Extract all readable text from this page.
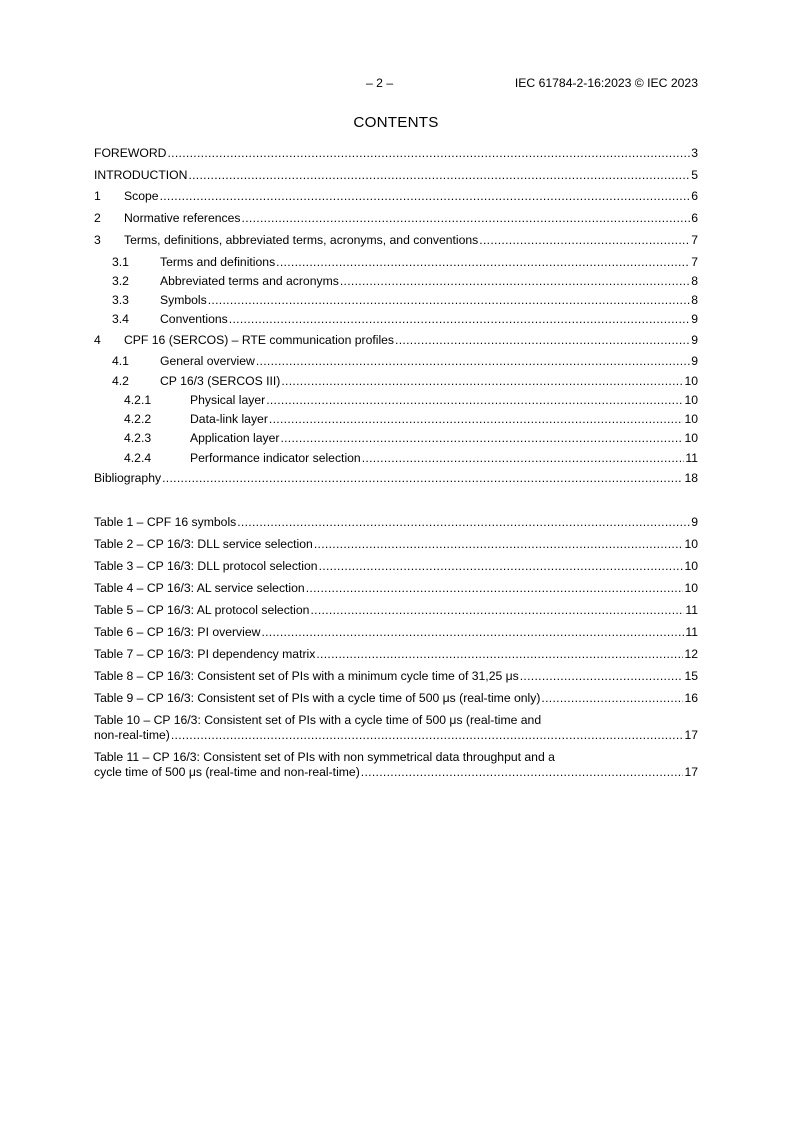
– 2 –	IEC 61784-2-16:2023 © IEC 2023
CONTENTS
FOREWORD .....	3
INTRODUCTION .....	5
1	Scope .....	6
2	Normative references .....	6
3	Terms, definitions, abbreviated terms, acronyms, and conventions .....	7
3.1	Terms and definitions .....	7
3.2	Abbreviated terms and acronyms .....	8
3.3	Symbols .....	8
3.4	Conventions .....	9
4	CPF 16 (SERCOS) – RTE communication profiles .....	9
4.1	General overview .....	9
4.2	CP 16/3 (SERCOS III) .....	10
4.2.1	Physical layer .....	10
4.2.2	Data-link layer .....	10
4.2.3	Application layer .....	10
4.2.4	Performance indicator selection .....	11
Bibliography .....	18
Table 1 – CPF 16 symbols .....	9
Table 2 – CP 16/3: DLL service selection .....	10
Table 3 – CP 16/3: DLL protocol selection .....	10
Table 4 – CP 16/3: AL service selection .....	10
Table 5 – CP 16/3: AL protocol selection .....	11
Table 6 – CP 16/3: PI overview .....	11
Table 7 – CP 16/3: PI dependency matrix .....	12
Table 8 – CP 16/3: Consistent set of PIs with a minimum cycle time of 31,25 μs .....	15
Table 9 – CP 16/3: Consistent set of PIs with a cycle time of 500 μs (real-time only) .....	16
Table 10 – CP 16/3: Consistent set of PIs with a cycle time of 500 μs (real-time and
non-real-time) .....	17
Table 11 – CP 16/3: Consistent set of PIs with non symmetrical data throughput and a
cycle time of 500 μs (real-time and non-real-time) .....	17
